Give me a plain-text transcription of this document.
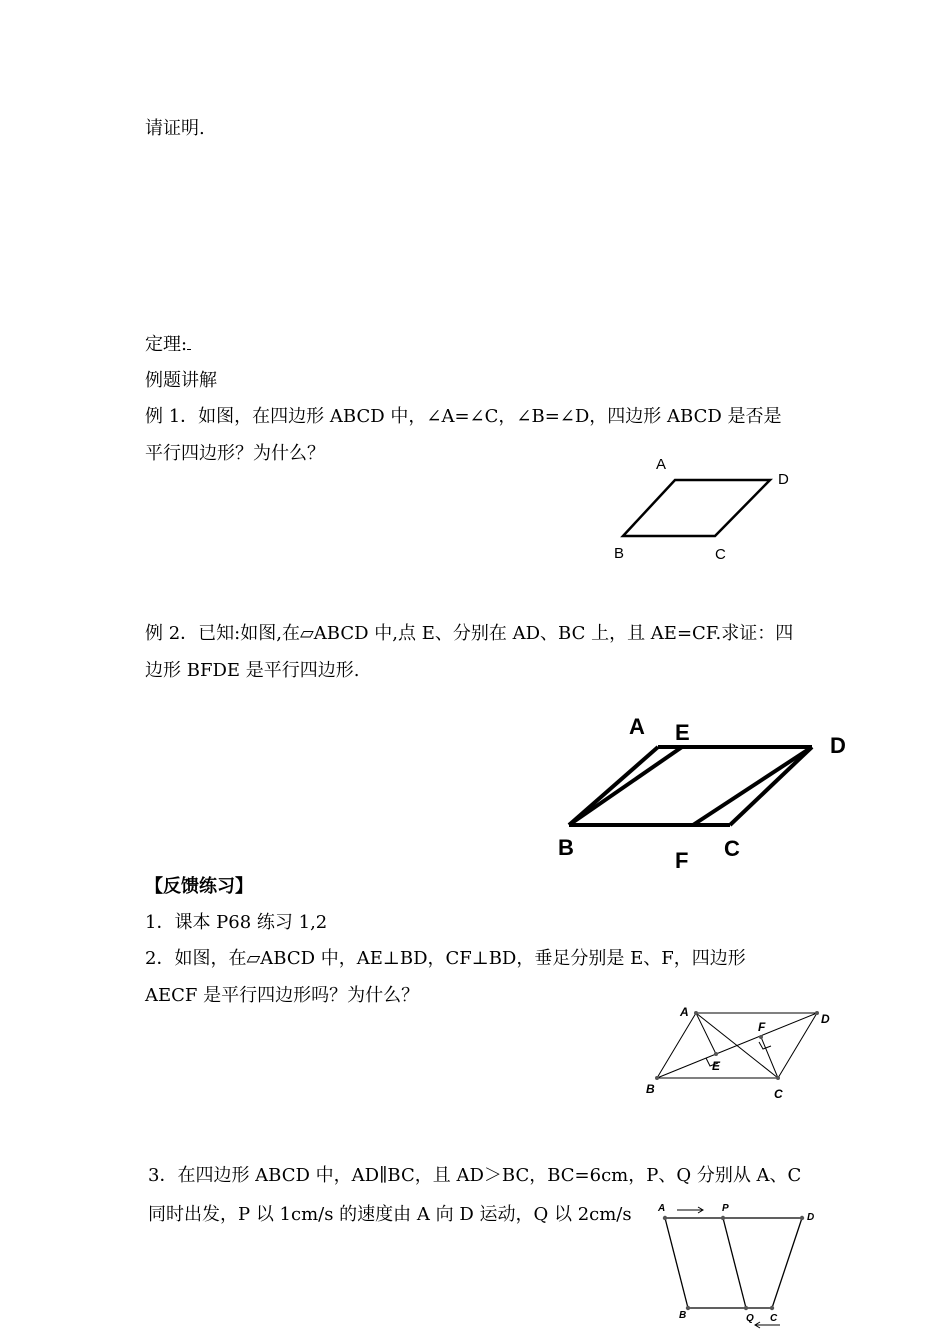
请证明.
定理:
例题讲解
例 1．如图，在四边形 ABCD 中，∠A=∠C，∠B=∠D，四边形 ABCD 是否是
平行四边形？为什么？
A
D
B	C
例 2．已知:如图,在▱ABCD 中,点 E、分别在 AD、BC 上，且 AE=CF.求证：四
边形 BFDE 是平行四边形.
A E
D
B
F C
【反馈练习】
1．课本 P68 练习 1,2
2．如图，在▱ABCD 中，AE⊥BD，CF⊥BD，垂足分别是 E、F，四边形
AECF 是平行四边形吗？为什么？
A
F
D
E
B	C
3．在四边形 ABCD 中，AD∥BC，且 AD＞BC，BC=6cm，P、Q 分别从 A、C
同时出发，P 以 1cm/s 的速度由 A 向 D 运动，Q 以 2cm/s	A	P
D
B	Q C
